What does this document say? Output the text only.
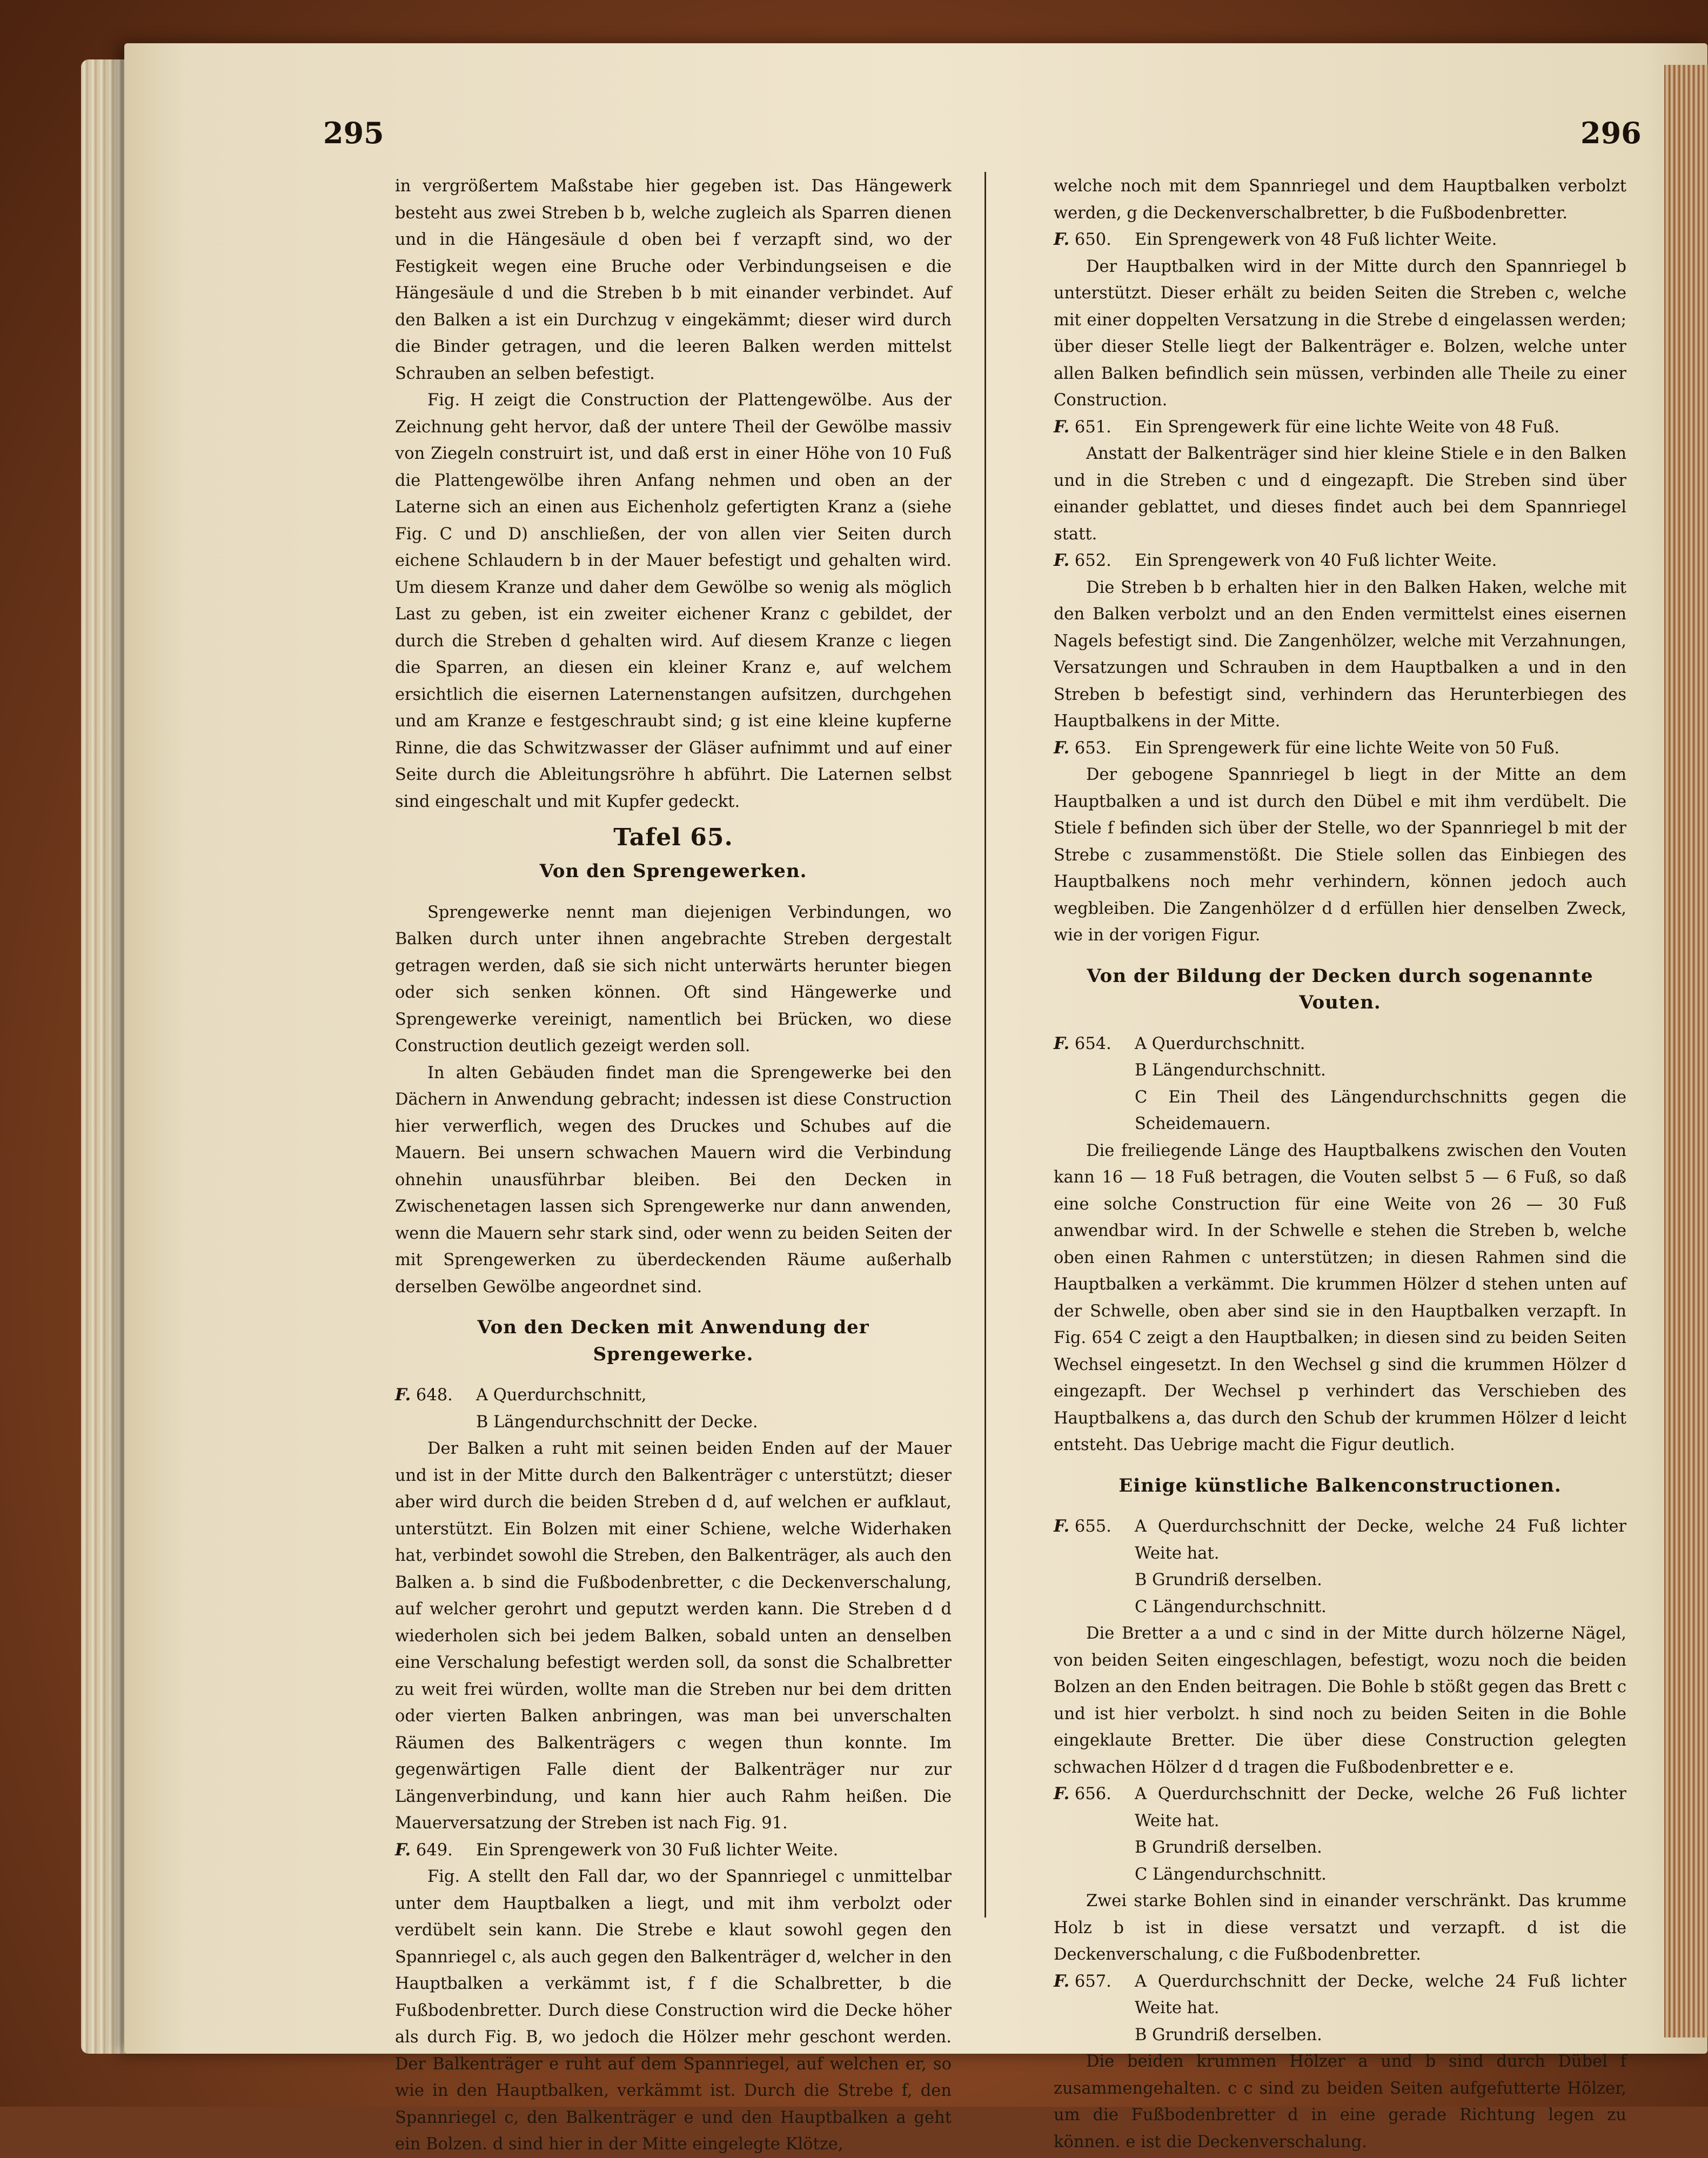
295	296

in vergrößertem Maßstabe hier gegeben ist. Das Hängewerk besteht aus zwei Streben b b, welche zugleich als Sparren dienen und in die Hängesäule d oben bei f verzapft sind, wo der Festigkeit wegen eine Bruche oder Verbindungseisen e die Hängesäule d und die Streben b b mit einander verbindet. Auf den Balken a ist ein Durchzug v eingekämmt; dieser wird durch die Binder getragen, und die leeren Balken werden mittelst Schrauben an selben befestigt.

Fig. H zeigt die Construction der Plattengewölbe. Aus der Zeichnung geht hervor, daß der untere Theil der Gewölbe massiv von Ziegeln construirt ist, und daß erst in einer Höhe von 10 Fuß die Plattengewölbe ihren Anfang nehmen und oben an der Laterne sich an einen aus Eichenholz gefertigten Kranz a (siehe Fig. C und D) anschließen, der von allen vier Seiten durch eichene Schlaudern b in der Mauer befestigt und gehalten wird. Um diesem Kranze und daher dem Gewölbe so wenig als möglich Last zu geben, ist ein zweiter eichener Kranz c gebildet, der durch die Streben d gehalten wird. Auf diesem Kranze c liegen die Sparren, an diesen ein kleiner Kranz e, auf welchem ersichtlich die eisernen Laternenstangen aufsitzen, durchgehen und am Kranze e festgeschraubt sind; g ist eine kleine kupferne Rinne, die das Schwitzwasser der Gläser aufnimmt und auf einer Seite durch die Ableitungsröhre h abführt. Die Laternen selbst sind eingeschalt und mit Kupfer gedeckt.

Tafel 65.
Von den Sprengewerken.

Sprengewerke nennt man diejenigen Verbindungen, wo Balken durch unter ihnen angebrachte Streben dergestalt getragen werden, daß sie sich nicht unterwärts herunter biegen oder sich senken können. Oft sind Hängewerke und Sprengewerke vereinigt, namentlich bei Brücken, wo diese Construction deutlich gezeigt werden soll.

In alten Gebäuden findet man die Sprengewerke bei den Dächern in Anwendung gebracht; indessen ist diese Construction hier verwerflich, wegen des Druckes und Schubes auf die Mauern. Bei unsern schwachen Mauern wird die Verbindung ohnehin unausführbar bleiben. Bei den Decken in Zwischenetagen lassen sich Sprengewerke nur dann anwenden, wenn die Mauern sehr stark sind, oder wenn zu beiden Seiten der mit Sprengewerken zu überdeckenden Räume außerhalb derselben Gewölbe angeordnet sind.

Von den Decken mit Anwendung der Sprengewerke.
F. 648. A Querdurchschnitt,

B Längendurchschnitt der Decke.

Der Balken a ruht mit seinen beiden Enden auf der Mauer und ist in der Mitte durch den Balkenträger c unterstützt; dieser aber wird durch die beiden Streben d d, auf welchen er aufklaut, unterstützt. Ein Bolzen mit einer Schiene, welche Widerhaken hat, verbindet sowohl die Streben, den Balkenträger, als auch den Balken a. b sind die Fußbodenbretter, c die Deckenverschalung, auf welcher gerohrt und geputzt werden kann. Die Streben d d wiederholen sich bei jedem Balken, sobald unten an denselben eine Verschalung befestigt werden soll, da sonst die Schalbretter zu weit frei würden, wollte man die Streben nur bei dem dritten oder vierten Balken anbringen, was man bei unverschalten Räumen des Balkenträgers c wegen thun konnte. Im gegenwärtigen Falle dient der Balkenträger nur zur Längenverbindung, und kann hier auch Rahm heißen. Die Mauerversatzung der Streben ist nach Fig. 91.

F. 649. Ein Sprengewerk von 30 Fuß lichter Weite.

Fig. A stellt den Fall dar, wo der Spannriegel c unmittelbar unter dem Hauptbalken a liegt, und mit ihm verbolzt oder verdübelt sein kann. Die Strebe e klaut sowohl gegen den Spannriegel c, als auch gegen den Balkenträger d, welcher in den Hauptbalken a verkämmt ist, f f die Schalbretter, b die Fußbodenbretter. Durch diese Construction wird die Decke höher als durch Fig. B, wo jedoch die Hölzer mehr geschont werden. Der Balkenträger e ruht auf dem Spannriegel, auf welchen er, so wie in den Hauptbalken, verkämmt ist. Durch die Strebe f, den Spannriegel c, den Balkenträger e und den Hauptbalken a geht ein Bolzen. d sind hier in der Mitte eingelegte Klötze,

welche noch mit dem Spannriegel und dem Hauptbalken verbolzt werden, g die Deckenverschalbretter, b die Fußbodenbretter.

F. 650. Ein Sprengewerk von 48 Fuß lichter Weite.

Der Hauptbalken wird in der Mitte durch den Spannriegel b unterstützt. Dieser erhält zu beiden Seiten die Streben c, welche mit einer doppelten Versatzung in die Strebe d eingelassen werden; über dieser Stelle liegt der Balkenträger e. Bolzen, welche unter allen Balken befindlich sein müssen, verbinden alle Theile zu einer Construction.

F. 651. Ein Sprengewerk für eine lichte Weite von 48 Fuß.

Anstatt der Balkenträger sind hier kleine Stiele e in den Balken und in die Streben c und d eingezapft. Die Streben sind über einander geblattet, und dieses findet auch bei dem Spannriegel statt.

F. 652. Ein Sprengewerk von 40 Fuß lichter Weite.

Die Streben b b erhalten hier in den Balken Haken, welche mit den Balken verbolzt und an den Enden vermittelst eines eisernen Nagels befestigt sind. Die Zangenhölzer, welche mit Verzahnungen, Versatzungen und Schrauben in dem Hauptbalken a und in den Streben b befestigt sind, verhindern das Herunterbiegen des Hauptbalkens in der Mitte.

F. 653. Ein Sprengewerk für eine lichte Weite von 50 Fuß.

Der gebogene Spannriegel b liegt in der Mitte an dem Hauptbalken a und ist durch den Dübel e mit ihm verdübelt. Die Stiele f befinden sich über der Stelle, wo der Spannriegel b mit der Strebe c zusammenstößt. Die Stiele sollen das Einbiegen des Hauptbalkens noch mehr verhindern, können jedoch auch wegbleiben. Die Zangenhölzer d d erfüllen hier denselben Zweck, wie in der vorigen Figur.

Von der Bildung der Decken durch sogenannte Vouten.
F. 654. A Querdurchschnitt.

B Längendurchschnitt.

C Ein Theil des Längendurchschnitts gegen die Scheidemauern.

Die freiliegende Länge des Hauptbalkens zwischen den Vouten kann 16 — 18 Fuß betragen, die Vouten selbst 5 — 6 Fuß, so daß eine solche Construction für eine Weite von 26 — 30 Fuß anwendbar wird. In der Schwelle e stehen die Streben b, welche oben einen Rahmen c unterstützen; in diesen Rahmen sind die Hauptbalken a verkämmt. Die krummen Hölzer d stehen unten auf der Schwelle, oben aber sind sie in den Hauptbalken verzapft. In Fig. 654 C zeigt a den Hauptbalken; in diesen sind zu beiden Seiten Wechsel eingesetzt. In den Wechsel g sind die krummen Hölzer d eingezapft. Der Wechsel p verhindert das Verschieben des Hauptbalkens a, das durch den Schub der krummen Hölzer d leicht entsteht. Das Uebrige macht die Figur deutlich.

Einige künstliche Balkenconstructionen.
F. 655. A Querdurchschnitt der Decke, welche 24 Fuß lichter Weite hat.

B Grundriß derselben.

C Längendurchschnitt.

Die Bretter a a und c sind in der Mitte durch hölzerne Nägel, von beiden Seiten eingeschlagen, befestigt, wozu noch die beiden Bolzen an den Enden beitragen. Die Bohle b stößt gegen das Brett c und ist hier verbolzt. h sind noch zu beiden Seiten in die Bohle eingeklaute Bretter. Die über diese Construction gelegten schwachen Hölzer d d tragen die Fußbodenbretter e e.

F. 656. A Querdurchschnitt der Decke, welche 26 Fuß lichter Weite hat.

B Grundriß derselben.

C Längendurchschnitt.

Zwei starke Bohlen sind in einander verschränkt. Das krumme Holz b ist in diese versatzt und verzapft. d ist die Deckenverschalung, c die Fußbodenbretter.

F. 657. A Querdurchschnitt der Decke, welche 24 Fuß lichter Weite hat.

B Grundriß derselben.

Die beiden krummen Hölzer a und b sind durch Dübel f zusammengehalten. c c sind zu beiden Seiten aufgefutterte Hölzer, um die Fußbodenbretter d in eine gerade Richtung legen zu können. e ist die Deckenverschalung.
